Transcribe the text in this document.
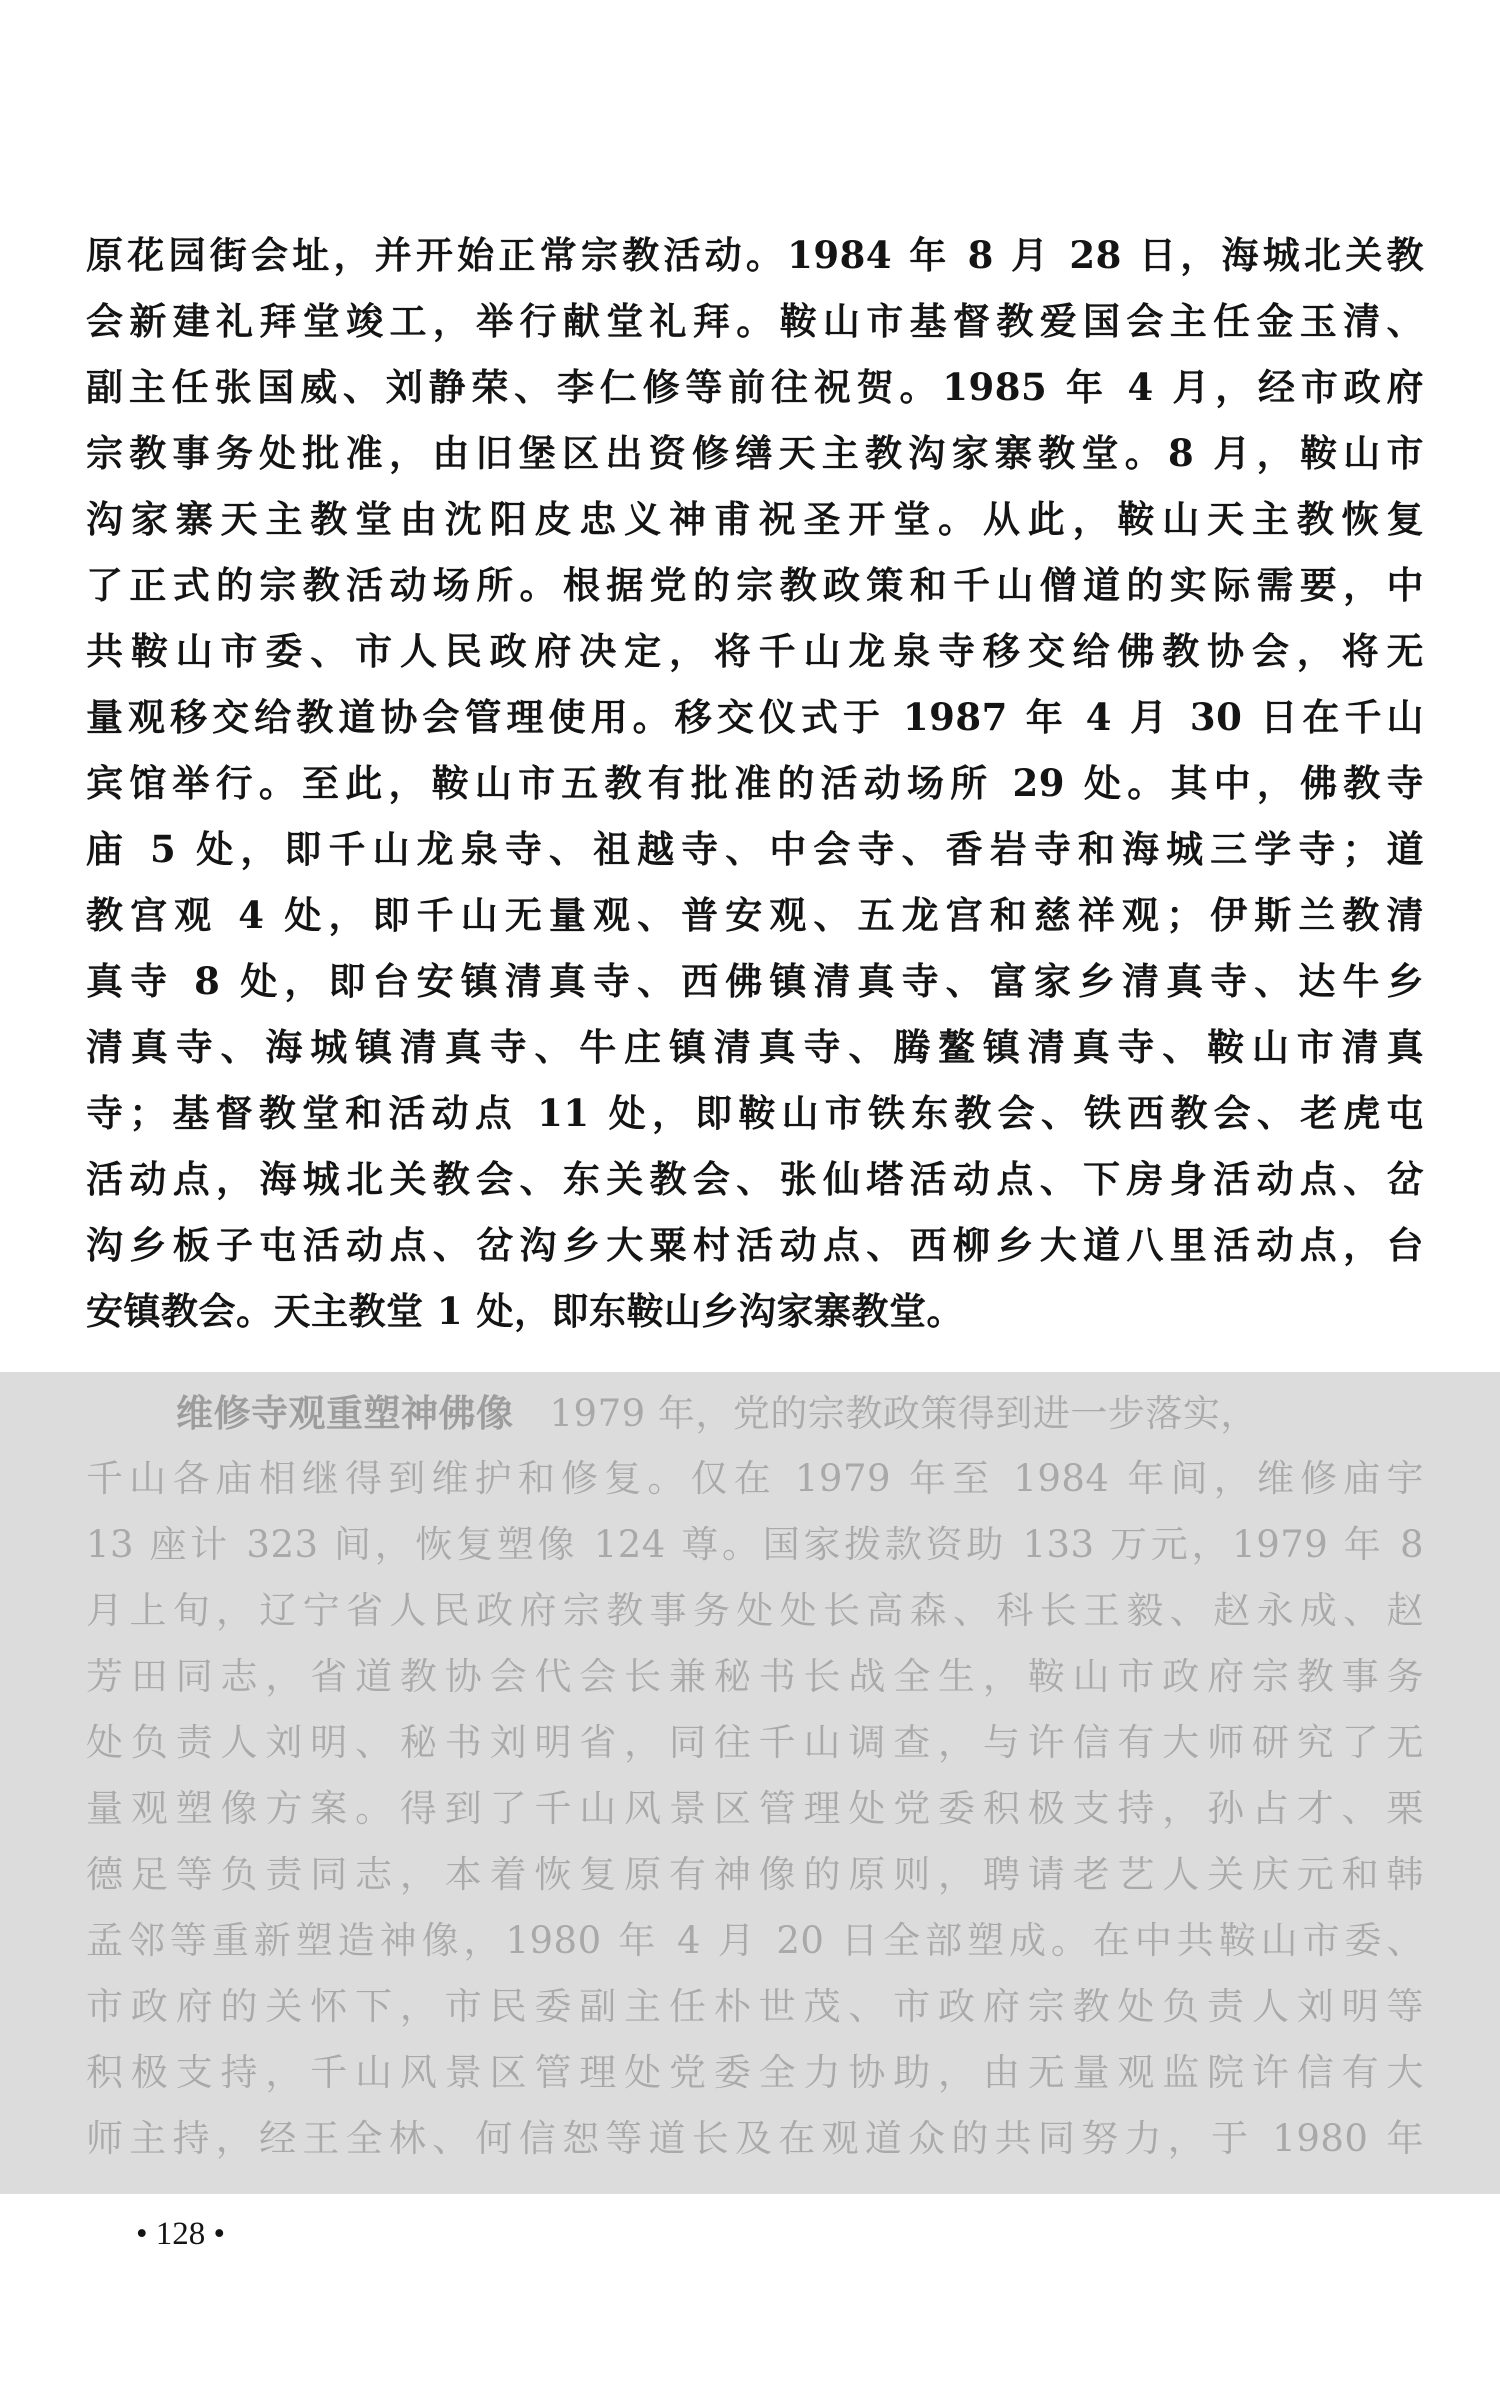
原花园街会址，并开始正常宗教活动。1984 年 8 月 28 日，海城北关教
会新建礼拜堂竣工，举行献堂礼拜。鞍山市基督教爱国会主任金玉清、
副主任张国威、刘静荣、李仁修等前往祝贺。1985 年 4 月，经市政府
宗教事务处批准，由旧堡区出资修缮天主教沟家寨教堂。8 月，鞍山市
沟家寨天主教堂由沈阳皮忠义神甫祝圣开堂。从此，鞍山天主教恢复
了正式的宗教活动场所。根据党的宗教政策和千山僧道的实际需要，中
共鞍山市委、市人民政府决定，将千山龙泉寺移交给佛教协会，将无
量观移交给教道协会管理使用。移交仪式于 1987 年 4 月 30 日在千山
宾馆举行。至此，鞍山市五教有批准的活动场所 29 处。其中，佛教寺
庙 5 处，即千山龙泉寺、祖越寺、中会寺、香岩寺和海城三学寺；道
教宫观 4 处，即千山无量观、普安观、五龙宫和慈祥观；伊斯兰教清
真寺 8 处，即台安镇清真寺、西佛镇清真寺、富家乡清真寺、达牛乡
清真寺、海城镇清真寺、牛庄镇清真寺、腾鳌镇清真寺、鞍山市清真
寺；基督教堂和活动点 11 处，即鞍山市铁东教会、铁西教会、老虎屯
活动点，海城北关教会、东关教会、张仙塔活动点、下房身活动点、岔
沟乡板子屯活动点、岔沟乡大粟村活动点、西柳乡大道八里活动点，台
安镇教会。天主教堂 1 处，即东鞍山乡沟家寨教堂。
维修寺观重塑神佛像 1979 年，党的宗教政策得到进一步落实，
千山各庙相继得到维护和修复。仅在 1979 年至 1984 年间，维修庙宇
13 座计 323 间，恢复塑像 124 尊。国家拨款资助 133 万元，1979 年 8
月上旬，辽宁省人民政府宗教事务处处长高森、科长王毅、赵永成、赵
芳田同志，省道教协会代会长兼秘书长战全生，鞍山市政府宗教事务
处负责人刘明、秘书刘明省，同往千山调查，与许信有大师研究了无
量观塑像方案。得到了千山风景区管理处党委积极支持，孙占才、栗
德足等负责同志，本着恢复原有神像的原则，聘请老艺人关庆元和韩
孟邻等重新塑造神像，1980 年 4 月 20 日全部塑成。在中共鞍山市委、
市政府的关怀下，市民委副主任朴世茂、市政府宗教处负责人刘明等
积极支持，千山风景区管理处党委全力协助，由无量观监院许信有大
师主持，经王全林、何信恕等道长及在观道众的共同努力，于 1980 年
• 128 •
